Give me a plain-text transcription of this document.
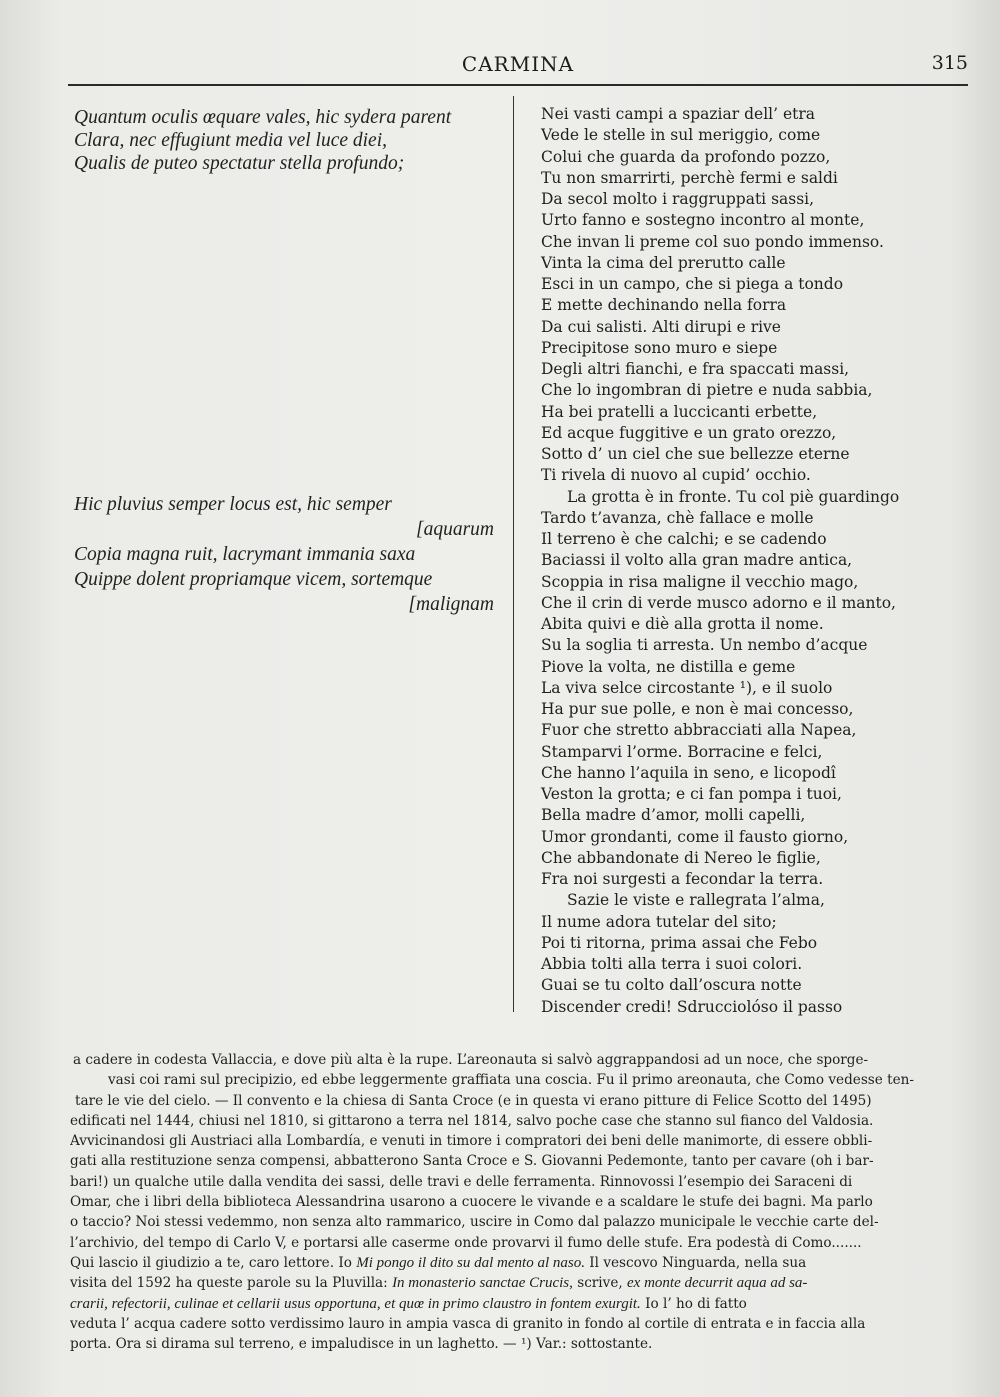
CARMINA	315
Quantum oculis œquare vales, hic sydera parent
Clara, nec effugiunt media vel luce diei,
Qualis de puteo spectatur stella profundo;
Hic pluvius semper locus est, hic semper
[aquarum
Copia magna ruit, lacrymant immania saxa
Quippe dolent propriamque vicem, sortemque
[malignam
Nei vasti campi a spaziar dell’ etra
Vede le stelle in sul meriggio, come
Colui che guarda da profondo pozzo,
Tu non smarrirti, perchè fermi e saldi
Da secol molto i raggruppati sassi,
Urto fanno e sostegno incontro al monte,
Che invan li preme col suo pondo immenso.
Vinta la cima del prerutto calle
Esci in un campo, che si piega a tondo
E mette dechinando nella forra
Da cui salisti. Alti dirupi e rive
Precipitose sono muro e siepe
Degli altri fianchi, e fra spaccati massi,
Che lo ingombran di pietre e nuda sabbia,
Ha bei pratelli a luccicanti erbette,
Ed acque fuggitive e un grato orezzo,
Sotto d’ un ciel che sue bellezze eterne
Ti rivela di nuovo al cupid’ occhio.
La grotta è in fronte. Tu col piè guardingo
Tardo t’avanza, chè fallace e molle
Il terreno è che calchi; e se cadendo
Baciassi il volto alla gran madre antica,
Scoppia in risa maligne il vecchio mago,
Che il crin di verde musco adorno e il manto,
Abita quivi e diè alla grotta il nome.
Su la soglia ti arresta. Un nembo d’acque
Piove la volta, ne distilla e geme
La viva selce circostante ¹), e il suolo
Ha pur sue polle, e non è mai concesso,
Fuor che stretto abbracciati alla Napea,
Stamparvi l’orme. Borracine e felci,
Che hanno l’aquila in seno, e licopodî
Veston la grotta; e ci fan pompa i tuoi,
Bella madre d’amor, molli capelli,
Umor grondanti, come il fausto giorno,
Che abbandonate di Nereo le figlie,
Fra noi surgesti a fecondar la terra.
Sazie le viste e rallegrata l’alma,
Il nume adora tutelar del sito;
Poi ti ritorna, prima assai che Febo
Abbia tolti alla terra i suoi colori.
Guai se tu colto dall’oscura notte
Discender credi! Sdrucciolóso il passo
a cadere in codesta Vallaccia, e dove più alta è la rupe. L’areonauta si salvò aggrappandosi ad un noce, che sporge-
vasi coi rami sul precipizio, ed ebbe leggermente graffiata una coscia. Fu il primo areonauta, che Como vedesse ten-
tare le vie del cielo. — Il convento e la chiesa di Santa Croce (e in questa vi erano pitture di Felice Scotto del 1495)
edificati nel 1444, chiusi nel 1810, si gittarono a terra nel 1814, salvo poche case che stanno sul fianco del Valdosia.
Avvicinandosi gli Austriaci alla Lombardía, e venuti in timore i compratori dei beni delle manimorte, di essere obbli-
gati alla restituzione senza compensi, abbatterono Santa Croce e S. Giovanni Pedemonte, tanto per cavare (oh i bar-
bari!) un qualche utile dalla vendita dei sassi, delle travi e delle ferramenta. Rinnovossi l’esempio dei Saraceni di
Omar, che i libri della biblioteca Alessandrina usarono a cuocere le vivande e a scaldare le stufe dei bagni. Ma parlo
o taccio? Noi stessi vedemmo, non senza alto rammarico, uscire in Como dal palazzo municipale le vecchie carte del-
l’archivio, del tempo di Carlo V, e portarsi alle caserme onde provarvi il fumo delle stufe. Era podestà di Como.......
Qui lascio il giudizio a te, caro lettore. Io Mi pongo il dito su dal mento al naso. Il vescovo Ninguarda, nella sua
visita del 1592 ha queste parole su la Pluvilla: In monasterio sanctae Crucis, scrive, ex monte decurrit aqua ad sa-
crarii, refectorii, culinae et cellarii usus opportuna, et quœ in primo claustro in fontem exurgit. Io l’ ho di fatto
veduta l’ acqua cadere sotto verdissimo lauro in ampia vasca di granito in fondo al cortile di entrata e in faccia alla
porta. Ora si dirama sul terreno, e impaludisce in un laghetto. — ¹) Var.: sottostante.
